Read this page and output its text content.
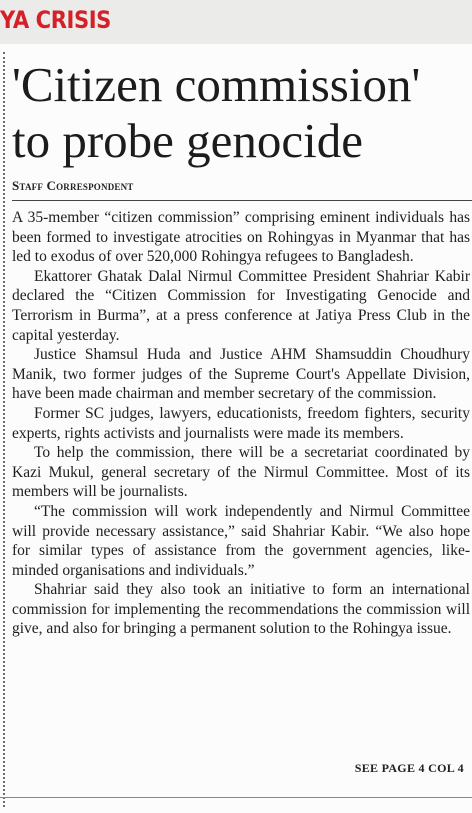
YA CRISIS
'Citizen commission'
to probe genocide
Staff Correspondent

A 35-member “citizen commission” comprising eminent individuals has been formed to investigate atrocities on Rohingyas in Myanmar that has led to exodus of over 520,000 Rohingya refugees to Bangladesh.

Ekattorer Ghatak Dalal Nirmul Committee President Shahriar Kabir declared the “Citizen Commission for Investigating Genocide and Terrorism in Burma”, at a press conference at Jatiya Press Club in the capital yesterday.

Justice Shamsul Huda and Justice AHM Shamsuddin Choudhury Manik, two former judges of the Supreme Court's Appellate Division, have been made chairman and member secretary of the commission.

Former SC judges, lawyers, educationists, freedom fighters, security experts, rights activists and journalists were made its members.

To help the commission, there will be a secretariat coordinated by Kazi Mukul, general secretary of the Nirmul Committee. Most of its members will be journalists.

“The commission will work independently and Nirmul Committee will provide necessary assistance,” said Shahriar Kabir. “We also hope for similar types of assistance from the government agencies, like-minded organisations and individuals.”

Shahriar said they also took an initiative to form an international commission for implementing the recommendations the commission will give, and also for bringing a permanent solution to the Rohingya issue.

SEE PAGE 4 COL 4
